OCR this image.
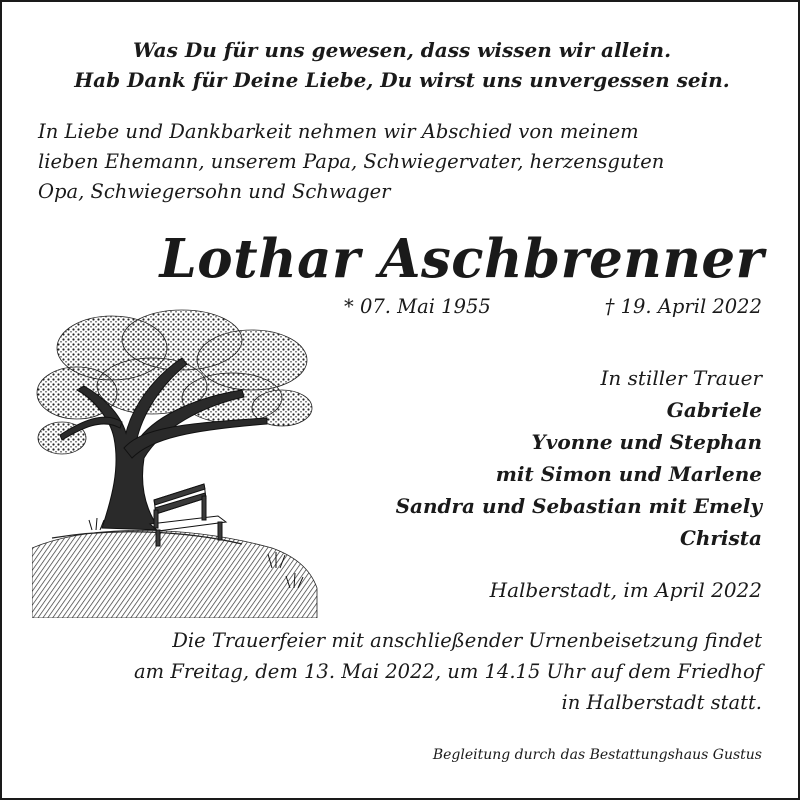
Was Du für uns gewesen, dass wissen wir allein.

Hab Dank für Deine Liebe, Du wirst uns unvergessen sein.

In Liebe und Dankbarkeit nehmen wir Abschied von meinem

lieben Ehemann, unserem Papa, Schwiegervater, herzensguten

Opa, Schwiegersohn und Schwager

Lothar Aschbrenner

* 07. Mai 1955	† 19. April 2022

In stiller Trauer

Gabriele

Yvonne und Stephan

mit Simon und Marlene

Sandra und Sebastian mit Emely

Christa

Halberstadt, im April 2022

Die Trauerfeier mit anschließender Urnenbeisetzung findet

am Freitag, dem 13. Mai 2022, um 14.15 Uhr auf dem Friedhof

in Halberstadt statt.

Begleitung durch das Bestattungshaus Gustus
